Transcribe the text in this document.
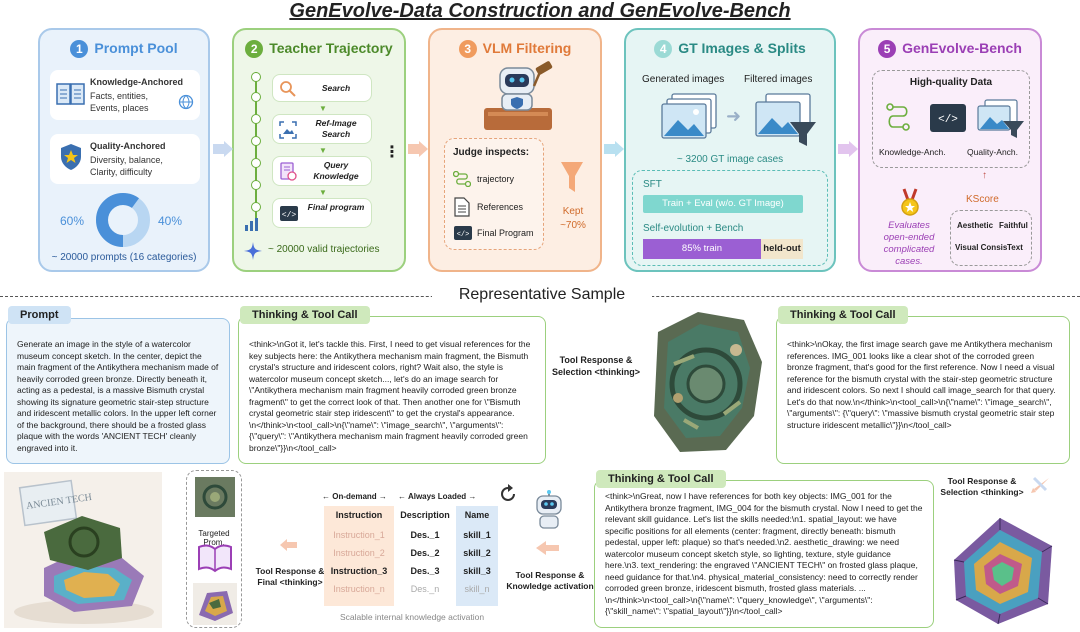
GenEvolve-Data Construction and GenEvolve-Bench
1 Prompt Pool
Knowledge-Anchored
Facts, entities,
Events, places
Quality-Anchored
Diversity, balance,
Clarity, difficulty
60%	40%
~ 20000 prompts (16 categories)
2 Teacher Trajectory
Search
▼
Ref-Image Search
▼
Query Knowledge
▼
</>
Final program
⋮
~ 20000 valid trajectories
3 VLM Filtering
Judge inspects:
trajectory
References
</> Final Program
Kept
~70%
4 GT Images & Splits
Generated images Filtered images
➜
~ 3200 GT image cases
SFT
Train + Eval (w/o. GT Image)
Self-evolution + Bench
85% train	held-out
5 GenEvolve-Bench
High-quality Data
</>
Knowledge-Anch.	Quality-Anch.
↑
KScore
Evaluates
open-ended
complicated
cases.
Aesthetic Faithful
Visual Consis Text
Representative Sample
Generate an image in the style of a watercolor museum concept sketch. In the center, depict the main fragment of the Antikythera mechanism made of heavily corroded green bronze. Directly beneath it, acting as a pedestal, is a massive Bismuth crystal showing its signature geometric stair-step structure and iridescent metallic colors. In the upper left corner of the background, there should be a frosted glass plaque with the words 'ANCIENT TECH' cleanly engraved into it.
Prompt
<think>\nGot it, let's tackle this. First, I need to get visual references for the key subjects here: the Antikythera mechanism main fragment, the Bismuth crystal's structure and iridescent colors, right? Wait also, the style is watercolor museum concept sketch..., let's do an image search for \"Antikythera mechanism main fragment heavily corroded green bronze fragment\" to get the correct look of that. Then another one for \"Bismuth crystal geometric stair step iridescent\" to get the crystal's appearance. \n</think>\n<tool_call>\n{\"name\": \"image_search\", \"arguments\": {\"query\": \"Antikythera mechanism main fragment heavily corroded green bronze\"}}\n</tool_call>
Thinking & Tool Call
Tool Response & Selection <thinking>
<think>\nOkay, the first image search gave me Antikythera mechanism references. IMG_001 looks like a clear shot of the corroded green bronze fragment, that's good for the first reference. Now I need a visual reference for the bismuth crystal with the stair-step geometric structure and iridescent colors. So next I should call image_search for that query. Let's do that now.\n</think>\n<tool_call>\n{\"name\": \"image_search\", \"arguments\": {\"query\": \"massive bismuth crystal geometric stair step structure iridescent metallic\"}}\n</tool_call>
Thinking & Tool Call
ANCIEN TECH
Targeted Prom.
Tool Response & Final <thinking>
← On-demand → ← Always Loaded →
Instruction	Description	Name
Instruction_1	Des._1	skill_1
Instruction_2	Des._2	skill_2
Instruction_3	Des._3	skill_3
Instruction_n	Des._n	skill_n
Scalable internal knowledge activation
Tool Response & Knowledge activation
<think>\nGreat, now I have references for both key objects: IMG_001 for the Antikythera bronze fragment, IMG_004 for the bismuth crystal. Now I need to get the relevant skill guidance. Let's list the skills needed:\n1. spatial_layout: we have specific positions for all elements (center: fragment, directly beneath: bismuth pedestal, upper left: plaque) so that's needed.\n2. aesthetic_drawing: we need watercolor museum concept sketch style, so lighting, texture, style guidance here.\n3. text_rendering: the engraved \"ANCIENT TECH\" on frosted glass plaque, need guidance for that.\n4. physical_material_consistency: need to correctly render corroded green bronze, iridescent bismuth, frosted glass materials. ... \n</think>\n<tool_call>\n{\"name\": \"query_knowledge\", \"arguments\": {\"skill_name\": \"spatial_layout\"}}\n</tool_call>
Thinking & Tool Call	Tool Response & Selection <thinking>
